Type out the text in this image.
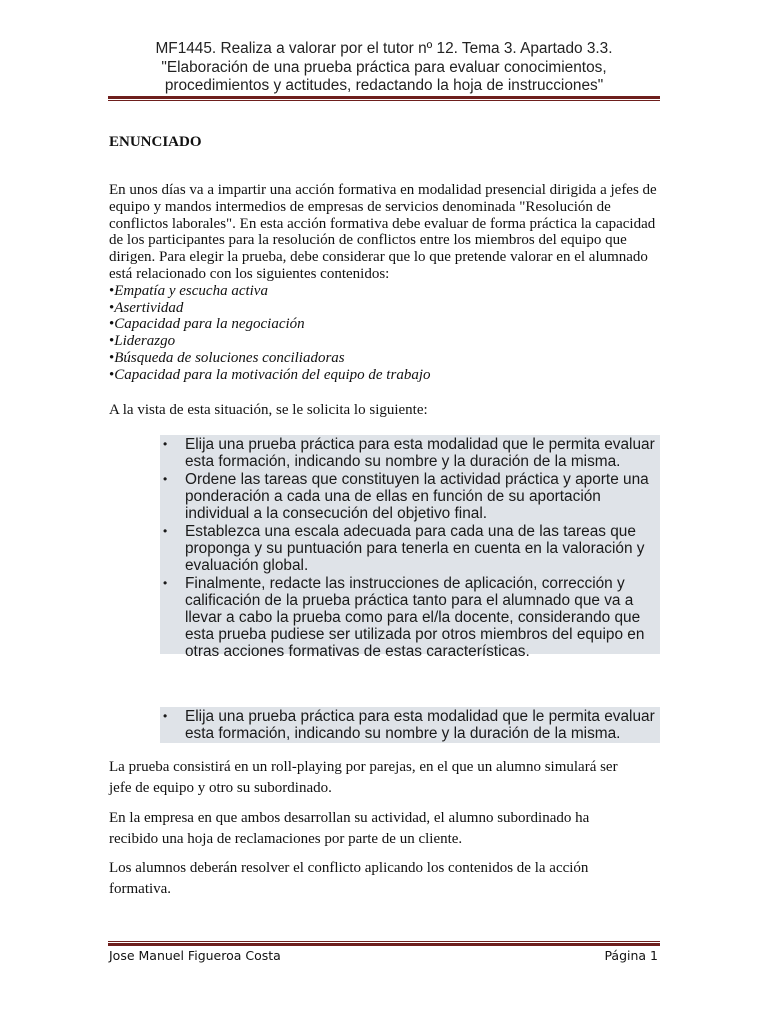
MF1445. Realiza a valorar por el tutor nº 12. Tema 3. Apartado 3.3.
"Elaboración de una prueba práctica para evaluar conocimientos,
procedimientos y actitudes, redactando la hoja de instrucciones"
ENUNCIADO

En unos días va a impartir una acción formativa en modalidad presencial dirigida a jefes de equipo y mandos intermedios de empresas de servicios denominada "Resolución de conflictos laborales". En esta acción formativa debe evaluar de forma práctica la capacidad de los participantes para la resolución de conflictos entre los miembros del equipo que dirigen. Para elegir la prueba, debe considerar que lo que pretende valorar en el alumnado está relacionado con los siguientes contenidos:

• Empatía y escucha activa
• Asertividad
• Capacidad para la negociación
• Liderazgo
• Búsqueda de soluciones conciliadoras
• Capacidad para la motivación del equipo de trabajo
A la vista de esta situación, se le solicita lo siguiente:
• Elija una prueba práctica para esta modalidad que le permita evaluar esta formación, indicando su nombre y la duración de la misma.
• Ordene las tareas que constituyen la actividad práctica y aporte una ponderación a cada una de ellas en función de su aportación individual a la consecución del objetivo final.
• Establezca una escala adecuada para cada una de las tareas que proponga y su puntuación para tenerla en cuenta en la valoración y evaluación global.
• Finalmente, redacte las instrucciones de aplicación, corrección y calificación de la prueba práctica tanto para el alumnado que va a llevar a cabo la prueba como para el/la docente, considerando que esta prueba pudiese ser utilizada por otros miembros del equipo en otras acciones formativas de estas características.
• Elija una prueba práctica para esta modalidad que le permita evaluar esta formación, indicando su nombre y la duración de la misma.
La prueba consistirá en un roll-playing por parejas, en el que un alumno simulará ser jefe de equipo y otro su subordinado.
En la empresa en que ambos desarrollan su actividad, el alumno subordinado ha recibido una hoja de reclamaciones por parte de un cliente.
Los alumnos deberán resolver el conflicto aplicando los contenidos de la acción formativa.
Jose Manuel Figueroa Costa	Página 1
